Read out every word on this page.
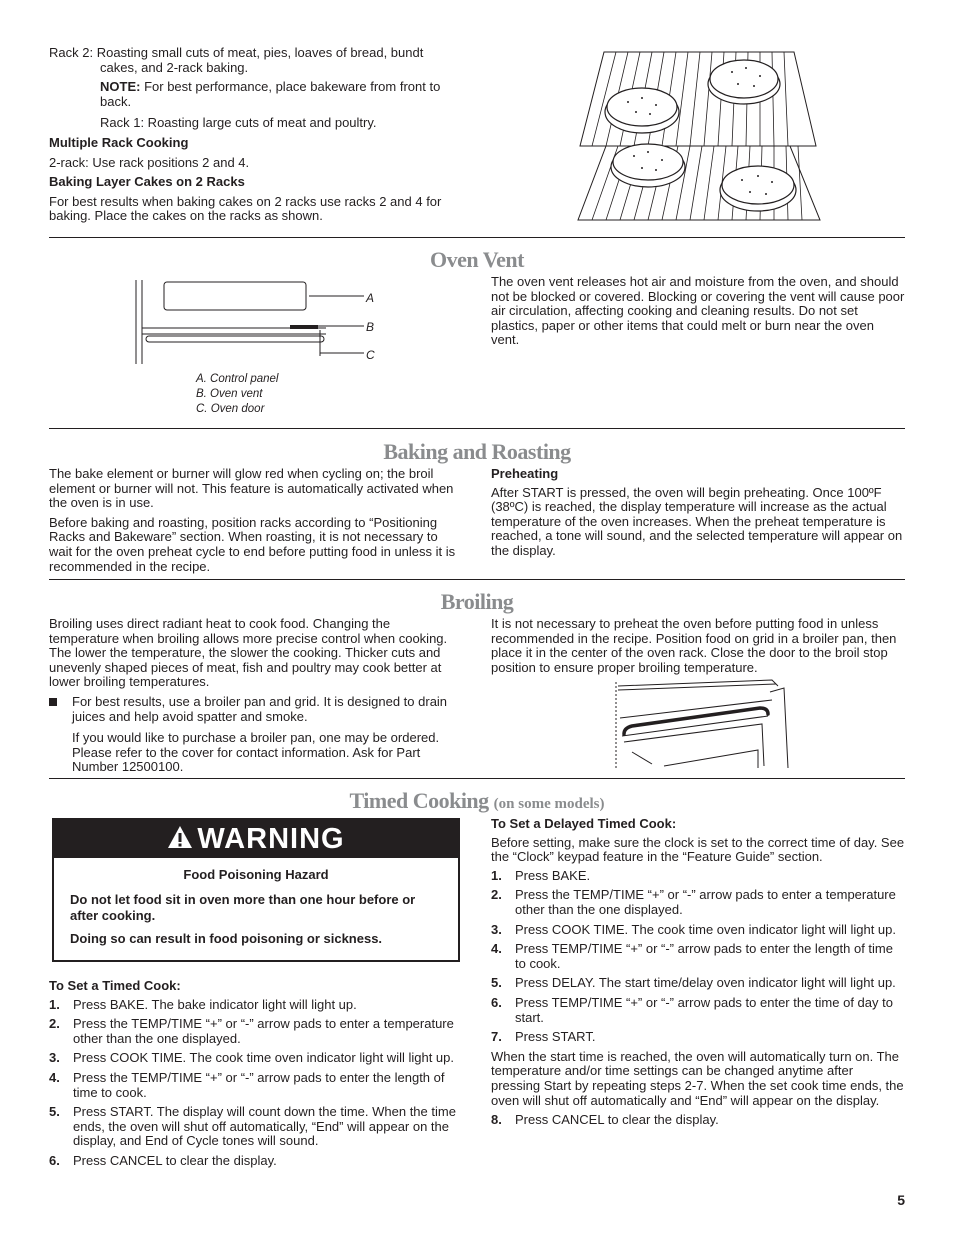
Rack 2: Roasting small cuts of meat, pies, loaves of bread, bundt cakes, and 2-rack baking.

NOTE: For best performance, place bakeware from front to back.

Rack 1: Roasting large cuts of meat and poultry.

Multiple Rack Cooking

2-rack: Use rack positions 2 and 4.

Baking Layer Cakes on 2 Racks

For best results when baking cakes on 2 racks use racks 2 and 4 for baking. Place the cakes on the racks as shown.

Oven Vent
A
B
C

A. Control panel

B. Oven vent

C. Oven door

The oven vent releases hot air and moisture from the oven, and should not be blocked or covered. Blocking or covering the vent will cause poor air circulation, affecting cooking and cleaning results. Do not set plastics, paper or other items that could melt or burn near the oven vent.

Baking and Roasting

The bake element or burner will glow red when cycling on; the broil element or burner will not. This feature is automatically activated when the oven is in use.

Before baking and roasting, position racks according to “Positioning Racks and Bakeware” section. When roasting, it is not necessary to wait for the oven preheat cycle to end before putting food in unless it is recommended in the recipe.

Preheating

After START is pressed, the oven will begin preheating. Once 100ºF (38ºC) is reached, the display temperature will increase as the actual temperature of the oven increases. When the preheat temperature is reached, a tone will sound, and the selected temperature will appear on the display.

Broiling

Broiling uses direct radiant heat to cook food. Changing the temperature when broiling allows more precise control when cooking. The lower the temperature, the slower the cooking. Thicker cuts and unevenly shaped pieces of meat, fish and poultry may cook better at lower broiling temperatures.

For best results, use a broiler pan and grid. It is designed to drain juices and help avoid spatter and smoke.

If you would like to purchase a broiler pan, one may be ordered. Please refer to the cover for contact information. Ask for Part Number 12500100.

It is not necessary to preheat the oven before putting food in unless recommended in the recipe. Position food on grid in a broiler pan, then place it in the center of the oven rack. Close the door to the broil stop position to ensure proper broiling temperature.

Timed Cooking (on some models)
WARNING

Food Poisoning Hazard

Do not let food sit in oven more than one hour before or after cooking.

Doing so can result in food poisoning or sickness.

To Set a Timed Cook:

1. Press BAKE. The bake indicator light will light up.
2. Press the TEMP/TIME “+” or “-” arrow pads to enter a temperature other than the one displayed.
3. Press COOK TIME. The cook time oven indicator light will light up.
4. Press the TEMP/TIME “+” or “-” arrow pads to enter the length of time to cook.
5. Press START. The display will count down the time. When the time ends, the oven will shut off automatically, “End” will appear on the display, and End of Cycle tones will sound.
6. Press CANCEL to clear the display.

To Set a Delayed Timed Cook:

Before setting, make sure the clock is set to the correct time of day. See the “Clock” keypad feature in the “Feature Guide” section.

1. Press BAKE.
2. Press the TEMP/TIME “+” or “-” arrow pads to enter a temperature other than the one displayed.
3. Press COOK TIME. The cook time oven indicator light will light up.
4. Press TEMP/TIME “+” or “-” arrow pads to enter the length of time to cook.
5. Press DELAY. The start time/delay oven indicator light will light up.
6. Press TEMP/TIME “+” or “-” arrow pads to enter the time of day to start.
7. Press START.

When the start time is reached, the oven will automatically turn on. The temperature and/or time settings can be changed anytime after pressing Start by repeating steps 2-7. When the set cook time ends, the oven will shut off automatically and “End” will appear on the display.

8. Press CANCEL to clear the display.
5
